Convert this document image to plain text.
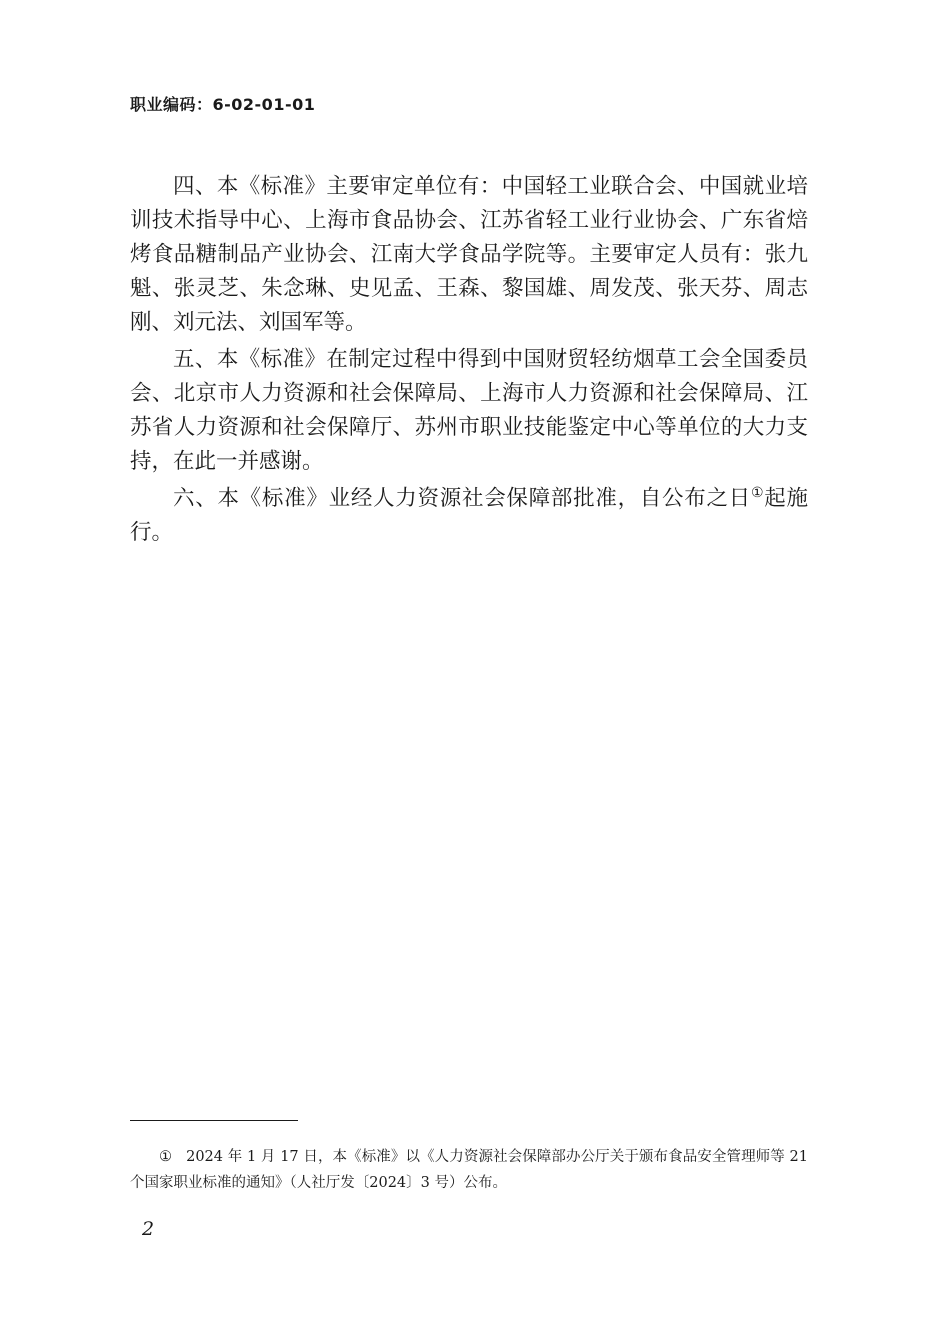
职业编码：6-02-01-01

四、本《标准》主要审定单位有：中国轻工业联合会、中国就业培训技术指导中心、上海市食品协会、江苏省轻工业行业协会、广东省焙烤食品糖制品产业协会、江南大学食品学院等。主要审定人员有：张九魁、张灵芝、朱念琳、史见孟、王森、黎国雄、周发茂、张天芬、周志刚、刘元法、刘国军等。

五、本《标准》在制定过程中得到中国财贸轻纺烟草工会全国委员会、北京市人力资源和社会保障局、上海市人力资源和社会保障局、江苏省人力资源和社会保障厅、苏州市职业技能鉴定中心等单位的大力支持，在此一并感谢。

六、本《标准》业经人力资源社会保障部批准，自公布之日①起施行。

① 2024 年 1 月 17 日，本《标准》以《人力资源社会保障部办公厅关于颁布食品安全管理师等 21 个国家职业标准的通知》（人社厅发〔2024〕3 号）公布。
2
